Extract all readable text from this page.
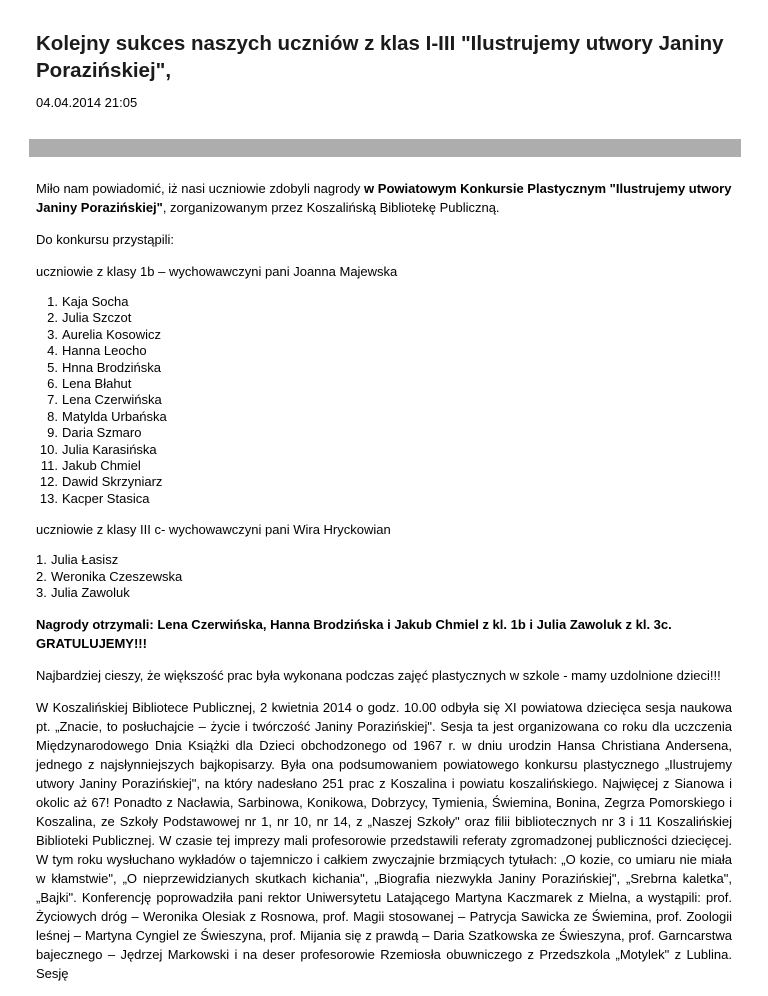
Kolejny sukces naszych uczniów z klas I-III "Ilustrujemy utwory Janiny Porazińskiej",

04.04.2014 21:05

Miło nam powiadomić, iż nasi uczniowie zdobyli nagrody w Powiatowym Konkursie Plastycznym "Ilustrujemy utwory Janiny Porazińskiej", zorganizowanym przez Koszalińską Bibliotekę Publiczną.

Do konkursu przystąpili:

uczniowie z klasy 1b – wychowawczyni pani Joanna Majewska

1. Kaja Socha
2. Julia Szczot
3. Aurelia Kosowicz
4. Hanna Leocho
5. Hnna Brodzińska
6. Lena Błahut
7. Lena Czerwińska
8. Matylda Urbańska
9. Daria Szmaro
10. Julia Karasińska
11. Jakub Chmiel
12. Dawid Skrzyniarz
13. Kacper Stasica

uczniowie z klasy III c- wychowawczyni pani Wira Hryckowian

1. Julia Łasisz
2. Weronika Czeszewska
3. Julia Zawoluk

Nagrody otrzymali: Lena Czerwińska, Hanna Brodzińska i Jakub Chmiel z kl. 1b i Julia Zawoluk z kl. 3c. GRATULUJEMY!!!

Najbardziej cieszy, że większość prac była wykonana podczas zajęć plastycznych w szkole - mamy uzdolnione dzieci!!!

W Koszalińskiej Bibliotece Publicznej, 2 kwietnia 2014 o godz. 10.00 odbyła się XI powiatowa dziecięca sesja naukowa pt. „Znacie, to posłuchajcie – życie i twórczość Janiny Porazińskiej". Sesja ta jest organizowana co roku dla uczczenia Międzynarodowego Dnia Książki dla Dzieci obchodzonego od 1967 r. w dniu urodzin Hansa Christiana Andersena, jednego z najsłynniejszych bajkopisarzy. Była ona podsumowaniem powiatowego konkursu plastycznego „Ilustrujemy utwory Janiny Porazińskiej", na który nadesłano 251 prac z Koszalina i powiatu koszalińskiego. Najwięcej z Sianowa i okolic aż 67! Ponadto z Nacławia, Sarbinowa, Konikowa, Dobrzycy, Tymienia, Świemina, Bonina, Zegrza Pomorskiego i Koszalina, ze Szkoły Podstawowej nr 1, nr 10, nr 14, z „Naszej Szkoły" oraz filii bibliotecznych nr 3 i 11 Koszalińskiej Biblioteki Publicznej. W czasie tej imprezy mali profesorowie przedstawili referaty zgromadzonej publiczności dziecięcej. W tym roku wysłuchano wykładów o tajemniczo i całkiem zwyczajnie brzmiących tytułach: „O kozie, co umiaru nie miała w kłamstwie", „O nieprzewidzianych skutkach kichania", „Biografia niezwykła Janiny Porazińskiej", „Srebrna kaletka", „Bajki". Konferencję poprowadziła pani rektor Uniwersytetu Latającego Martyna Kaczmarek z Mielna, a wystąpili: prof. Życiowych dróg – Weronika Olesiak z Rosnowa, prof. Magii stosowanej – Patrycja Sawicka ze Świemina, prof. Zoologii leśnej – Martyna Cyngiel ze Świeszyna, prof. Mijania się z prawdą – Daria Szatkowska ze Świeszyna, prof. Garncarstwa bajecznego – Jędrzej Markowski i na deser profesorowie Rzemiosła obuwniczego z Przedszkola „Motylek" z Lublina. Sesję
